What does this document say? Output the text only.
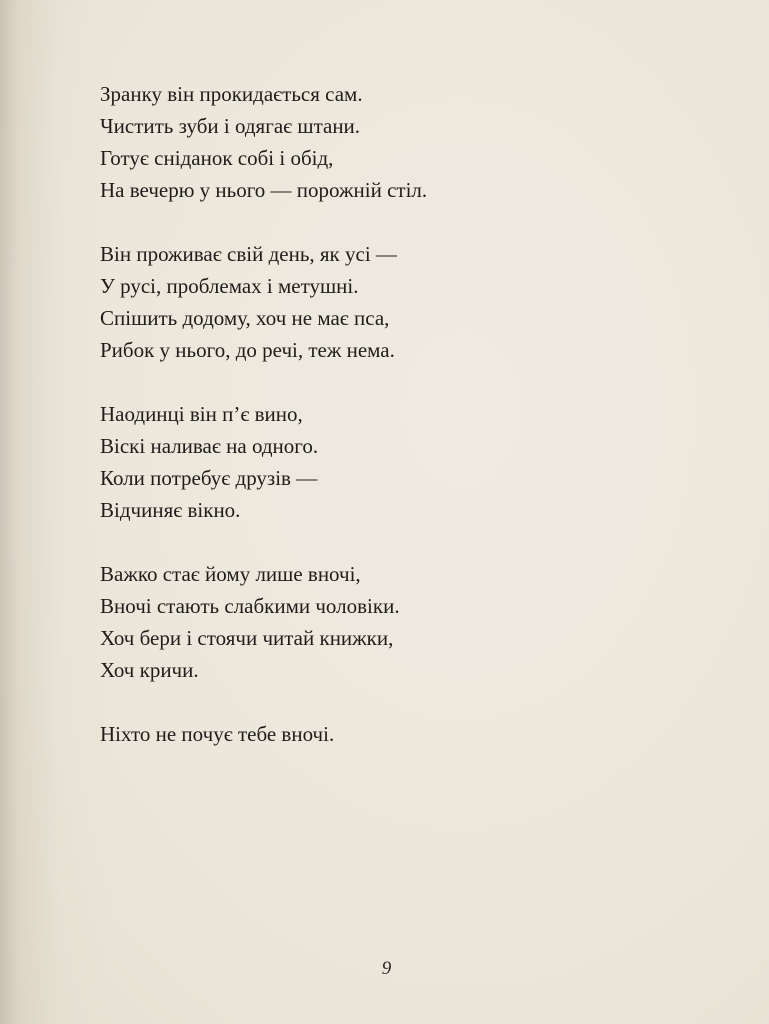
Зранку він прокидається сам.
Чистить зуби і одягає штани.
Готує сніданок собі і обід,
На вечерю у нього — порожній стіл.
Він проживає свій день, як усі —
У русі, проблемах і метушні.
Спішить додому, хоч не має пса,
Рибок у нього, до речі, теж нема.
Наодинці він п’є вино,
Віскі наливає на одного.
Коли потребує друзів —
Відчиняє вікно.
Важко стає йому лише вночі,
Вночі стають слабкими чоловіки.
Хоч бери і стоячи читай книжки,
Хоч кричи.
Ніхто не почує тебе вночі.
9
